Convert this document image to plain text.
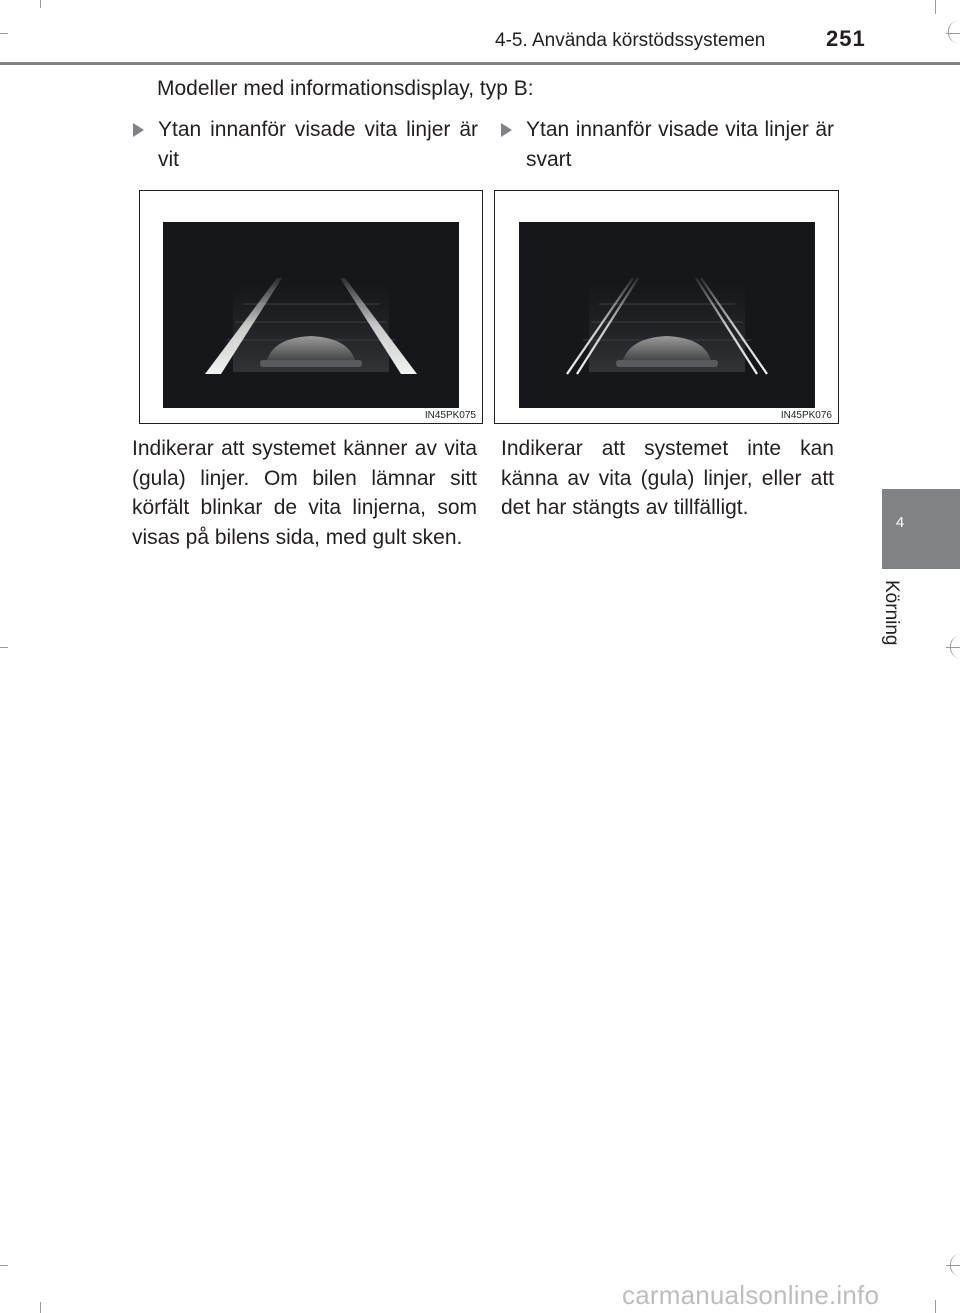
4-5. Använda körstödssystemen	251
Modeller med informationsdisplay, typ B:
Ytan innanför visade vita linjer är vit
Ytan innanför visade vita linjer är svart
IN45PK075	IN45PK076
Indikerar att systemet känner av vita (gula) linjer. Om bilen lämnar sitt körfält blinkar de vita linjerna, som visas på bilens sida, med gult sken.
Indikerar att systemet inte kan känna av vita (gula) linjer, eller att det har stängts av tillfälligt.
4
Körning
carmanualsonline.info
